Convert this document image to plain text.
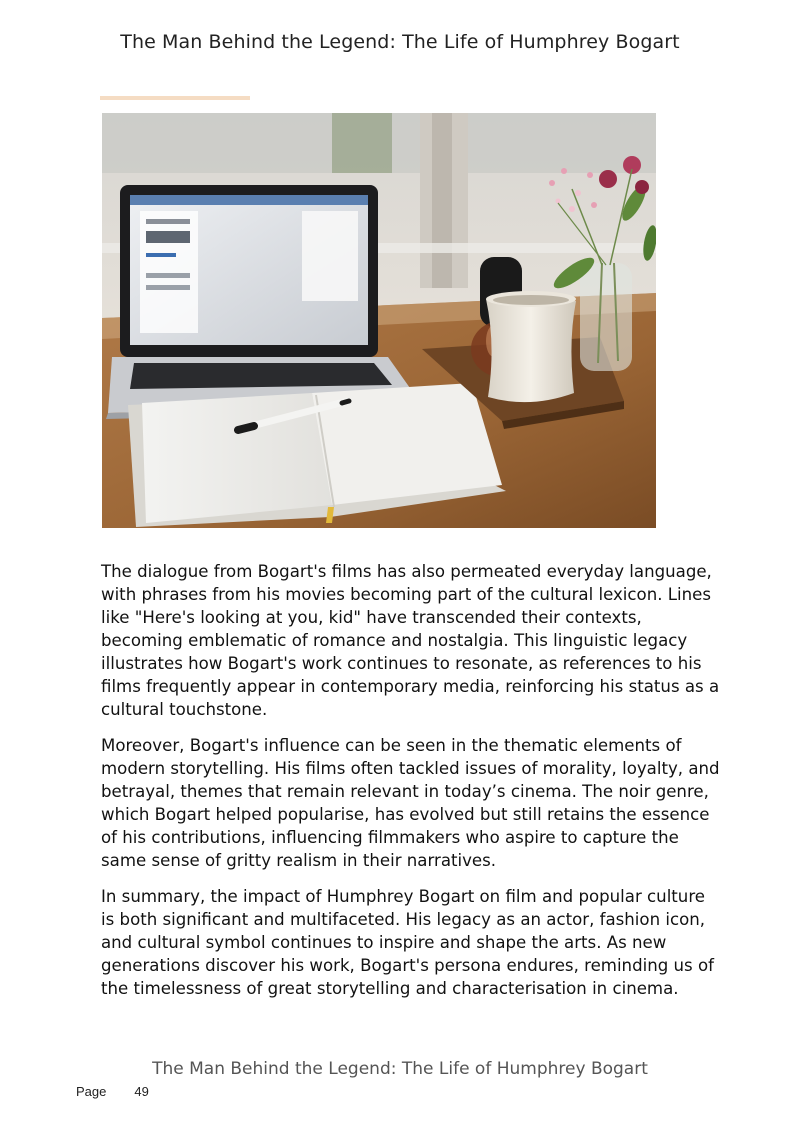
The Man Behind the Legend: The Life of Humphrey Bogart

The dialogue from Bogart's films has also permeated everyday language, with phrases from his movies becoming part of the cultural lexicon. Lines like "Here's looking at you, kid" have transcended their contexts, becoming emblematic of romance and nostalgia. This linguistic legacy illustrates how Bogart's work continues to resonate, as references to his films frequently appear in contemporary media, reinforcing his status as a cultural touchstone.

Moreover, Bogart's influence can be seen in the thematic elements of modern storytelling. His films often tackled issues of morality, loyalty, and betrayal, themes that remain relevant in today’s cinema. The noir genre, which Bogart helped popularise, has evolved but still retains the essence of his contributions, influencing filmmakers who aspire to capture the same sense of gritty realism in their narratives.

In summary, the impact of Humphrey Bogart on film and popular culture is both significant and multifaceted. His legacy as an actor, fashion icon, and cultural symbol continues to inspire and shape the arts. As new generations discover his work, Bogart's persona endures, reminding us of the timelessness of great storytelling and characterisation in cinema.

The Man Behind the Legend: The Life of Humphrey Bogart
Page 49
